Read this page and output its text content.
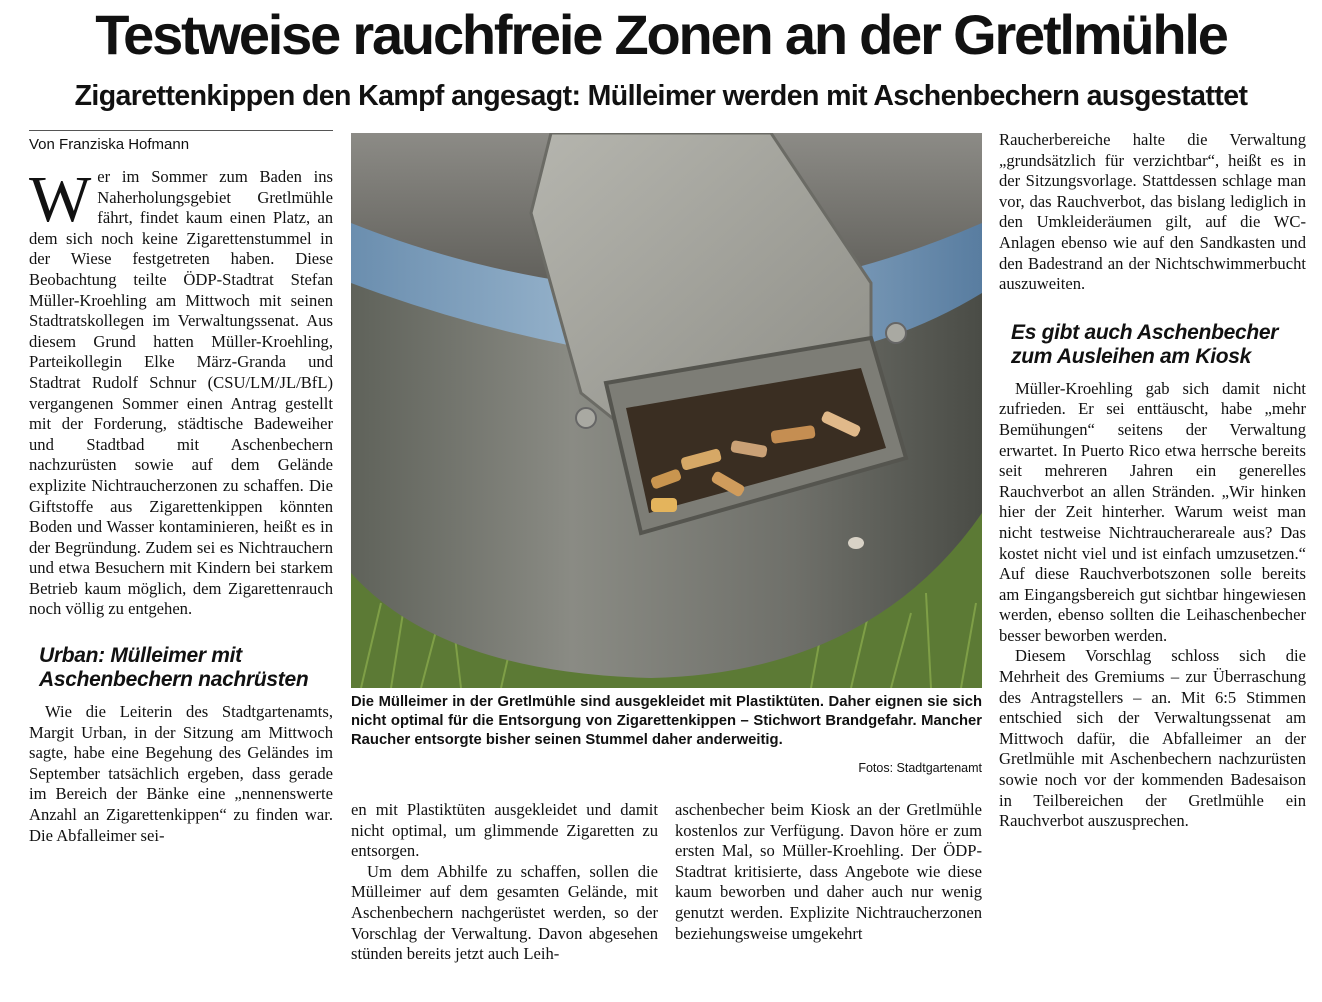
Testweise rauchfreie Zonen an der Gretlmühle
Zigarettenkippen den Kampf angesagt: Mülleimer werden mit Aschenbechern ausgestattet
Von Franziska Hofmann

Wer im Sommer zum Baden ins Naherholungsgebiet Gretlmühle fährt, findet kaum einen Platz, an dem sich noch keine Zigarettenstummel in der Wiese festgetreten haben. Diese Beobachtung teilte ÖDP-Stadtrat Stefan Müller-Kroehling am Mittwoch mit seinen Stadtratskollegen im Verwaltungssenat. Aus diesem Grund hatten Müller-Kroehling, Parteikollegin Elke März-Granda und Stadtrat Rudolf Schnur (CSU/LM/JL/BfL) vergangenen Sommer einen Antrag gestellt mit der Forderung, städtische Badeweiher und Stadtbad mit Aschenbechern nachzurüsten sowie auf dem Gelände explizite Nichtraucherzonen zu schaffen. Die Giftstoffe aus Zigarettenkippen könnten Boden und Wasser kontaminieren, heißt es in der Begründung. Zudem sei es Nichtrauchern und etwa Besuchern mit Kindern bei starkem Betrieb kaum möglich, dem Zigarettenrauch noch völlig zu entgehen.

Urban: Mülleimer mit Aschenbechern nachrüsten

Wie die Leiterin des Stadtgartenamts, Margit Urban, in der Sitzung am Mittwoch sagte, habe eine Begehung des Geländes im September tatsächlich ergeben, dass gerade im Bereich der Bänke eine „nennenswerte Anzahl an Zigarettenkippen“ zu finden war. Die Abfalleimer sei-

Die Mülleimer in der Gretlmühle sind ausgekleidet mit Plastiktüten. Daher eignen sie sich nicht optimal für die Entsorgung von Zigarettenkippen – Stichwort Brandgefahr. Mancher Raucher entsorgte bisher seinen Stummel daher anderweitig.
Fotos: Stadtgartenamt

en mit Plastiktüten ausgekleidet und damit nicht optimal, um glimmende Zigaretten zu entsorgen.

Um dem Abhilfe zu schaffen, sollen die Mülleimer auf dem gesamten Gelände, mit Aschenbechern nachgerüstet werden, so der Vorschlag der Verwaltung. Davon abgesehen stünden bereits jetzt auch Leih-

aschenbecher beim Kiosk an der Gretlmühle kostenlos zur Verfügung. Davon höre er zum ersten Mal, so Müller-Kroehling. Der ÖDP-Stadtrat kritisierte, dass Angebote wie diese kaum beworben und daher auch nur wenig genutzt werden. Explizite Nichtraucherzonen beziehungsweise umgekehrt

Raucherbereiche halte die Verwaltung „grundsätzlich für verzichtbar“, heißt es in der Sitzungsvorlage. Stattdessen schlage man vor, das Rauchverbot, das bislang lediglich in den Umkleideräumen gilt, auf die WC-Anlagen ebenso wie auf den Sandkasten und den Badestrand an der Nichtschwimmerbucht auszuweiten.

Es gibt auch Aschenbecher zum Ausleihen am Kiosk

Müller-Kroehling gab sich damit nicht zufrieden. Er sei enttäuscht, habe „mehr Bemühungen“ seitens der Verwaltung erwartet. In Puerto Rico etwa herrsche bereits seit mehreren Jahren ein generelles Rauchverbot an allen Stränden. „Wir hinken hier der Zeit hinterher. Warum weist man nicht testweise Nichtraucherareale aus? Das kostet nicht viel und ist einfach umzusetzen.“ Auf diese Rauchverbotszonen solle bereits am Eingangsbereich gut sichtbar hingewiesen werden, ebenso sollten die Leihaschenbecher besser beworben werden.

Diesem Vorschlag schloss sich die Mehrheit des Gremiums – zur Überraschung des Antragstellers – an. Mit 6:5 Stimmen entschied sich der Verwaltungssenat am Mittwoch dafür, die Abfalleimer an der Gretlmühle mit Aschenbechern nachzurüsten sowie noch vor der kommenden Badesaison in Teilbereichen der Gretlmühle ein Rauchverbot auszusprechen.
